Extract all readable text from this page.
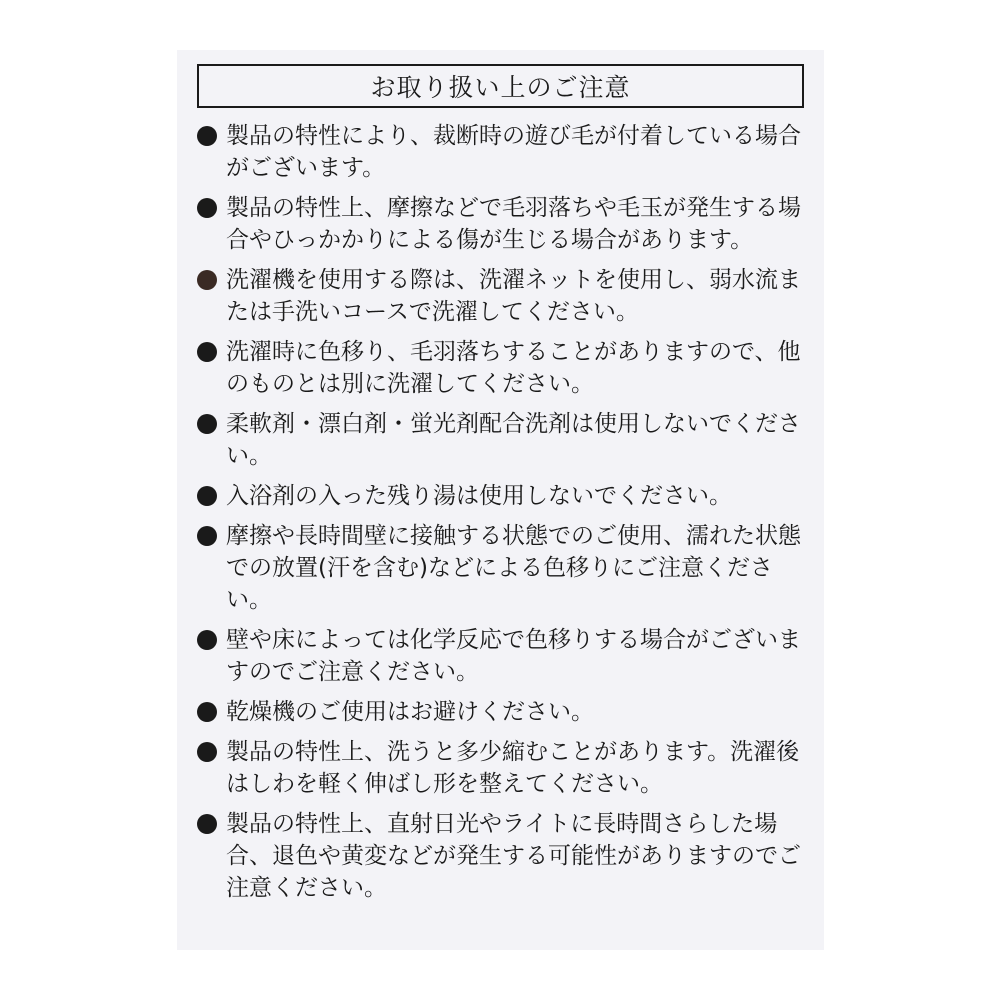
お取り扱い上のご注意
製品の特性により、裁断時の遊び毛が付着している場合がございます。
製品の特性上、摩擦などで毛羽落ちや毛玉が発生する場合やひっかかりによる傷が生じる場合があります。
洗濯機を使用する際は、洗濯ネットを使用し、弱水流または手洗いコースで洗濯してください。
洗濯時に色移り、毛羽落ちすることがありますので、他のものとは別に洗濯してください。
柔軟剤・漂白剤・蛍光剤配合洗剤は使用しないでください。
入浴剤の入った残り湯は使用しないでください。
摩擦や長時間壁に接触する状態でのご使用、濡れた状態での放置(汗を含む)などによる色移りにご注意ください。
壁や床によっては化学反応で色移りする場合がございますのでご注意ください。
乾燥機のご使用はお避けください。
製品の特性上、洗うと多少縮むことがあります。洗濯後はしわを軽く伸ばし形を整えてください。
製品の特性上、直射日光やライトに長時間さらした場合、退色や黄変などが発生する可能性がありますのでご注意ください。
